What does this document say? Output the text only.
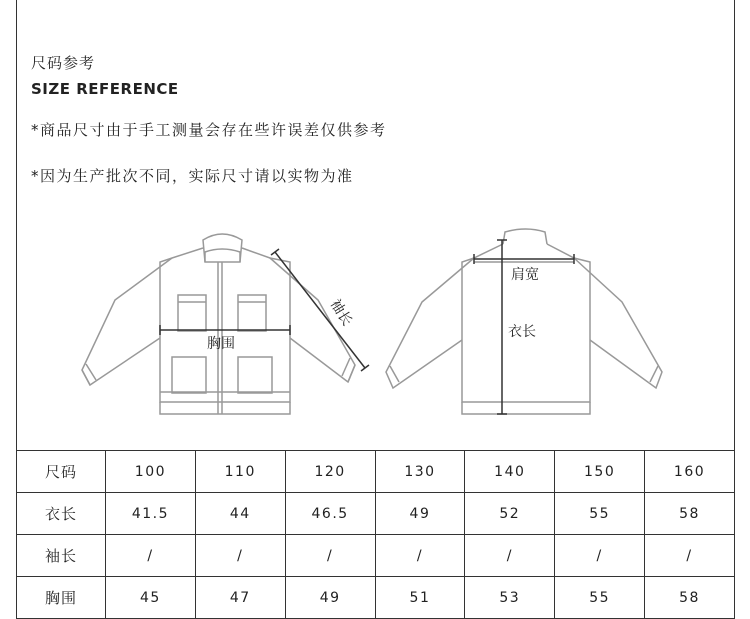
尺码参考
SIZE REFERENCE
*商品尺寸由于手工测量会存在些许误差仅供参考
*因为生产批次不同，实际尺寸请以实物为准
袖长
胸围
肩宽
衣长
尺码	100	110	120	130	140	150	160
衣长	41.5	44	46.5	49	52	55	58
袖长	/	/	/	/	/	/	/
胸围	45	47	49	51	53	55	58
